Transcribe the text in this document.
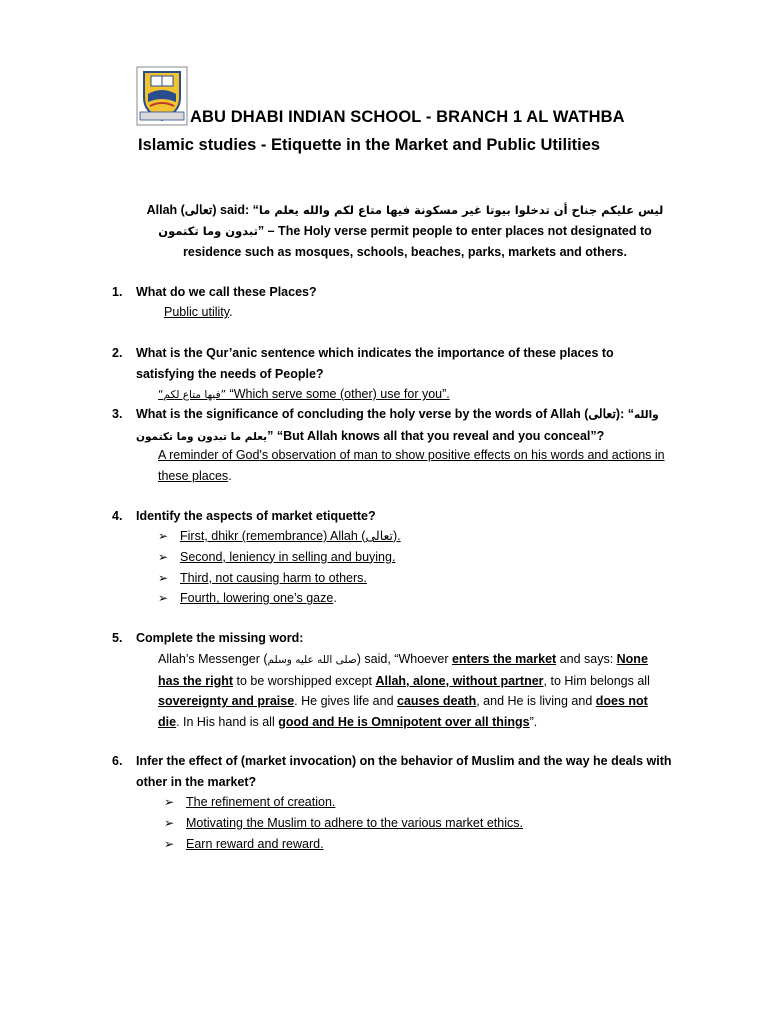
ABU DHABI INDIAN SCHOOL - BRANCH 1 AL WATHBA
Islamic studies - Etiquette in the Market and Public Utilities
Allah (تعالى) said: “ليس عليكم جناح أن تدخلوا بيوتا غير مسكونة فيها متاع لكم والله يعلم ما تبدون وما تكتمون” – The Holy verse permit people to enter places not designated to residence such as mosques, schools, beaches, parks, markets and others.
1. What do we call these Places?
Public utility.
2.	What is the Qur’anic sentence which indicates the importance of these places to satisfying the needs of People?
“فيها متاع لكم” “Which serve some (other) use for you”.
3.	What is the significance of concluding the holy verse by the words of Allah (تعالى): “والله يعلم ما تبدون وما تكتمون” “But Allah knows all that you reveal and you conceal”?
A reminder of God's observation of man to show positive effects on his words and actions in these places.
4. Identify the aspects of market etiquette?
➢ First, dhikr (remembrance) Allah (تعالى).
➢ Second, leniency in selling and buying.
➢ Third, not causing harm to others.
➢ Fourth, lowering one’s gaze.
5. Complete the missing word:
Allah’s Messenger (صلى الله عليه وسلم) said, “Whoever enters the market and says: None has the right to be worshipped except Allah, alone, without partner, to Him belongs all sovereignty and praise. He gives life and causes death, and He is living and does not die. In His hand is all good and He is Omnipotent over all things”.
6.	Infer the effect of (market invocation) on the behavior of Muslim and the way he deals with other in the market?
➢ The refinement of creation.
➢ Motivating the Muslim to adhere to the various market ethics.
➢ Earn reward and reward.
